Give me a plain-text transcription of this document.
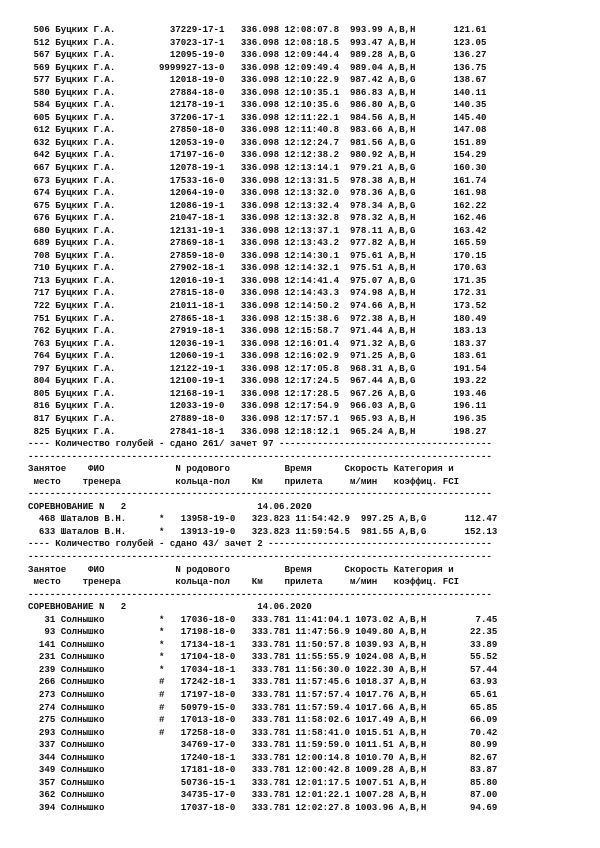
506 Буцких Г.А.          37229-17-1   336.098 12:08:07.8  993.99 A,B,H       121.61
512 Буцких Г.А.          37023-17-1   336.098 12:08:18.5  993.47 A,B,H       123.05
567 Буцких Г.А.          12095-19-0   336.098 12:09:44.4  989.28 A,B,G       136.27
569 Буцких Г.А.        9999927-13-0   336.098 12:09:49.4  989.04 A,B,H       136.75
577 Буцких Г.А.          12018-19-0   336.098 12:10:22.9  987.42 A,B,G       138.67
580 Буцких Г.А.          27884-18-0   336.098 12:10:35.1  986.83 A,B,H       140.11
584 Буцких Г.А.          12178-19-1   336.098 12:10:35.6  986.80 A,B,G       140.35
605 Буцких Г.А.          37206-17-1   336.098 12:11:22.1  984.56 A,B,H       145.40
612 Буцких Г.А.          27850-18-0   336.098 12:11:40.8  983.66 A,B,H       147.08
632 Буцких Г.А.          12053-19-0   336.098 12:12:24.7  981.56 A,B,G       151.89
642 Буцких Г.А.          17197-16-0   336.098 12:12:38.2  980.92 A,B,H       154.29
667 Буцких Г.А.          12078-19-1   336.098 12:13:14.1  979.21 A,B,G       160.30
673 Буцких Г.А.          17533-16-0   336.098 12:13:31.5  978.38 A,B,H       161.74
674 Буцких Г.А.          12064-19-0   336.098 12:13:32.0  978.36 A,B,G       161.98
675 Буцких Г.А.          12086-19-1   336.098 12:13:32.4  978.34 A,B,G       162.22
676 Буцких Г.А.          21047-18-1   336.098 12:13:32.8  978.32 A,B,H       162.46
680 Буцких Г.А.          12131-19-1   336.098 12:13:37.1  978.11 A,B,G       163.42
689 Буцких Г.А.          27869-18-1   336.098 12:13:43.2  977.82 A,B,H       165.59
708 Буцких Г.А.          27859-18-0   336.098 12:14:30.1  975.61 A,B,H       170.15
710 Буцких Г.А.          27902-18-1   336.098 12:14:32.1  975.51 A,B,H       170.63
713 Буцких Г.А.          12016-19-1   336.098 12:14:41.4  975.07 A,B,G       171.35
717 Буцких Г.А.          27815-18-0   336.098 12:14:43.3  974.98 A,B,H       172.31
722 Буцких Г.А.          21011-18-1   336.098 12:14:50.2  974.66 A,B,H       173.52
751 Буцких Г.А.          27865-18-1   336.098 12:15:38.6  972.38 A,B,H       180.49
762 Буцких Г.А.          27919-18-1   336.098 12:15:58.7  971.44 A,B,H       183.13
763 Буцких Г.А.          12036-19-1   336.098 12:16:01.4  971.32 A,B,G       183.37
764 Буцких Г.А.          12060-19-1   336.098 12:16:02.9  971.25 A,B,G       183.61
797 Буцких Г.А.          12122-19-1   336.098 12:17:05.8  968.31 A,B,G       191.54
804 Буцких Г.А.          12100-19-1   336.098 12:17:24.5  967.44 A,B,G       193.22
805 Буцких Г.А.          12168-19-1   336.098 12:17:28.5  967.26 A,B,G       193.46
816 Буцких Г.А.          12033-19-0   336.098 12:17:54.9  966.03 A,B,G       196.11
817 Буцких Г.А.          27889-18-0   336.098 12:17:57.1  965.93 A,B,H       196.35
825 Буцких Г.А.          27841-18-1   336.098 12:18:12.1  965.24 A,B,H       198.27
---- Количество голубей - сдано 261/ зачет 97 ---------------------------------------
-------------------------------------------------------------------------------------
Занятое    ФИО             N родового          Время      Скорость Категория и
место    тренера          кольца-пол    Км    прилета     м/мин   коэффиц. FCI
-------------------------------------------------------------------------------------
СОРЕВНОВАНИЕ N   2                        14.06.2020
468 Шаталов В.Н.      *   13958-19-0   323.823 11:54:42.9  997.25 A,B,G       112.47
633 Шаталов В.Н.      *   13913-19-0   323.823 11:59:54.5  981.55 A,B,G       152.13
---- Количество голубей - сдано 43/ зачет 2 -----------------------------------------
-------------------------------------------------------------------------------------
Занятое    ФИО             N родового          Время      Скорость Категория и
место    тренера          кольца-пол    Км    прилета     м/мин   коэффиц. FCI
-------------------------------------------------------------------------------------
СОРЕВНОВАНИЕ N   2                        14.06.2020
31 Солнышко          *   17036-18-0   333.781 11:41:04.1 1073.02 A,B,H         7.45
93 Солнышко          *   17198-18-0   333.781 11:47:56.9 1049.80 A,B,H        22.35
141 Солнышко          *   17134-18-1   333.781 11:50:57.8 1039.93 A,B,H        33.89
231 Солнышко          *   17104-18-0   333.781 11:55:55.9 1024.08 A,B,H        55.52
239 Солнышко          *   17034-18-1   333.781 11:56:30.0 1022.30 A,B,H        57.44
266 Солнышко          #   17242-18-1   333.781 11:57:45.6 1018.37 A,B,H        63.93
273 Солнышко          #   17197-18-0   333.781 11:57:57.4 1017.76 A,B,H        65.61
274 Солнышко          #   50979-15-0   333.781 11:57:59.4 1017.66 A,B,H        65.85
275 Солнышко          #   17013-18-0   333.781 11:58:02.6 1017.49 A,B,H        66.09
293 Солнышко          #   17258-18-0   333.781 11:58:41.0 1015.51 A,B,H        70.42
337 Солнышко              34769-17-0   333.781 11:59:59.0 1011.51 A,B,H        80.99
344 Солнышко              17240-18-1   333.781 12:00:14.8 1010.70 A,B,H        82.67
349 Солнышко              17181-18-0   333.781 12:00:42.8 1009.28 A,B,H        83.87
357 Солнышко              50736-15-1   333.781 12:01:17.5 1007.51 A,B,H        85.80
362 Солнышко              34735-17-0   333.781 12:01:22.1 1007.28 A,B,H        87.00
394 Солнышко              17037-18-0   333.781 12:02:27.8 1003.96 A,B,H        94.69
